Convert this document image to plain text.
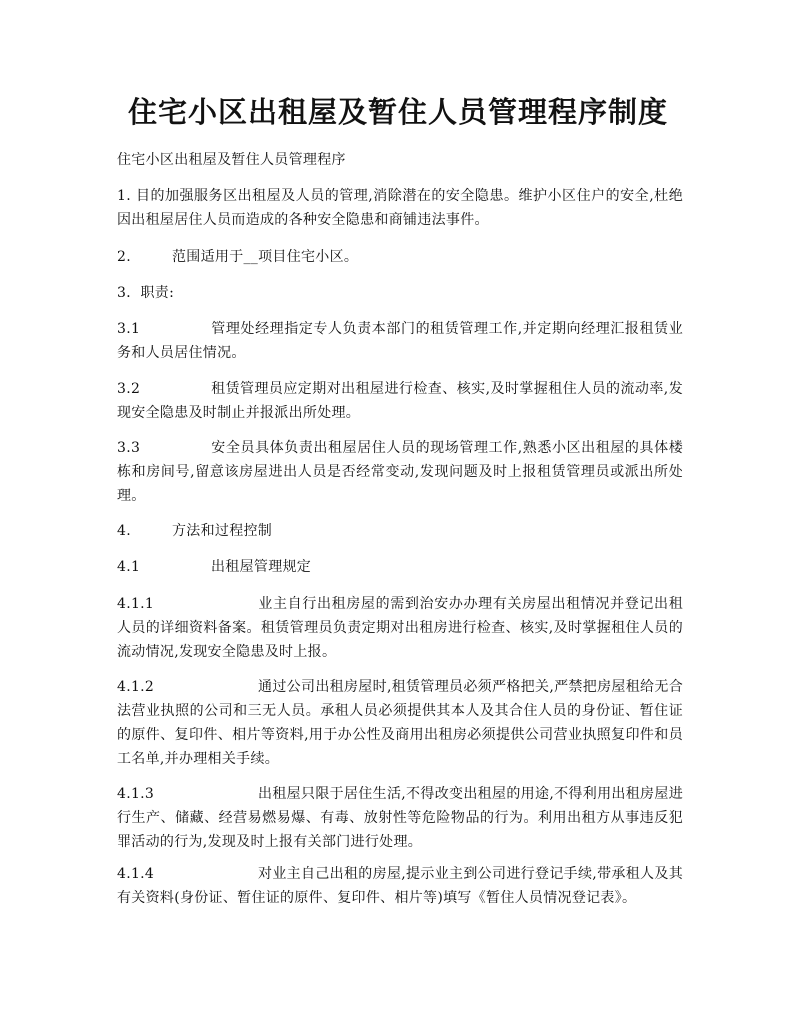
住宅小区出租屋及暂住人员管理程序制度
住宅小区出租屋及暂住人员管理程序
1. 目的加强服务区出租屋及人员的管理,消除潜在的安全隐患。维护小区住户的安全,杜绝因出租屋居住人员而造成的各种安全隐患和商铺违法事件。
2.	范围适用于__项目住宅小区。
3．职责:
3.1	管理处经理指定专人负责本部门的租赁管理工作,并定期向经理汇报租赁业务和人员居住情况。
3.2	租赁管理员应定期对出租屋进行检查、核实,及时掌握租住人员的流动率,发现安全隐患及时制止并报派出所处理。
3.3	安全员具体负责出租屋居住人员的现场管理工作,熟悉小区出租屋的具体楼栋和房间号,留意该房屋进出人员是否经常变动,发现问题及时上报租赁管理员或派出所处理。
4.	方法和过程控制
4.1	出租屋管理规定
4.1.1	业主自行出租房屋的需到治安办办理有关房屋出租情况并登记出租人员的详细资料备案。租赁管理员负责定期对出租房进行检查、核实,及时掌握租住人员的流动情况,发现安全隐患及时上报。
4.1.2	通过公司出租房屋时,租赁管理员必须严格把关,严禁把房屋租给无合法营业执照的公司和三无人员。承租人员必须提供其本人及其合住人员的身份证、暂住证的原件、复印件、相片等资料,用于办公性及商用出租房必须提供公司营业执照复印件和员工名单,并办理相关手续。
4.1.3	出租屋只限于居住生活,不得改变出租屋的用途,不得利用出租房屋进行生产、储藏、经营易燃易爆、有毒、放射性等危险物品的行为。利用出租方从事违反犯罪活动的行为,发现及时上报有关部门进行处理。
4.1.4	对业主自己出租的房屋,提示业主到公司进行登记手续,带承租人及其有关资料(身份证、暂住证的原件、复印件、相片等)填写《暂住人员情况登记表》。
